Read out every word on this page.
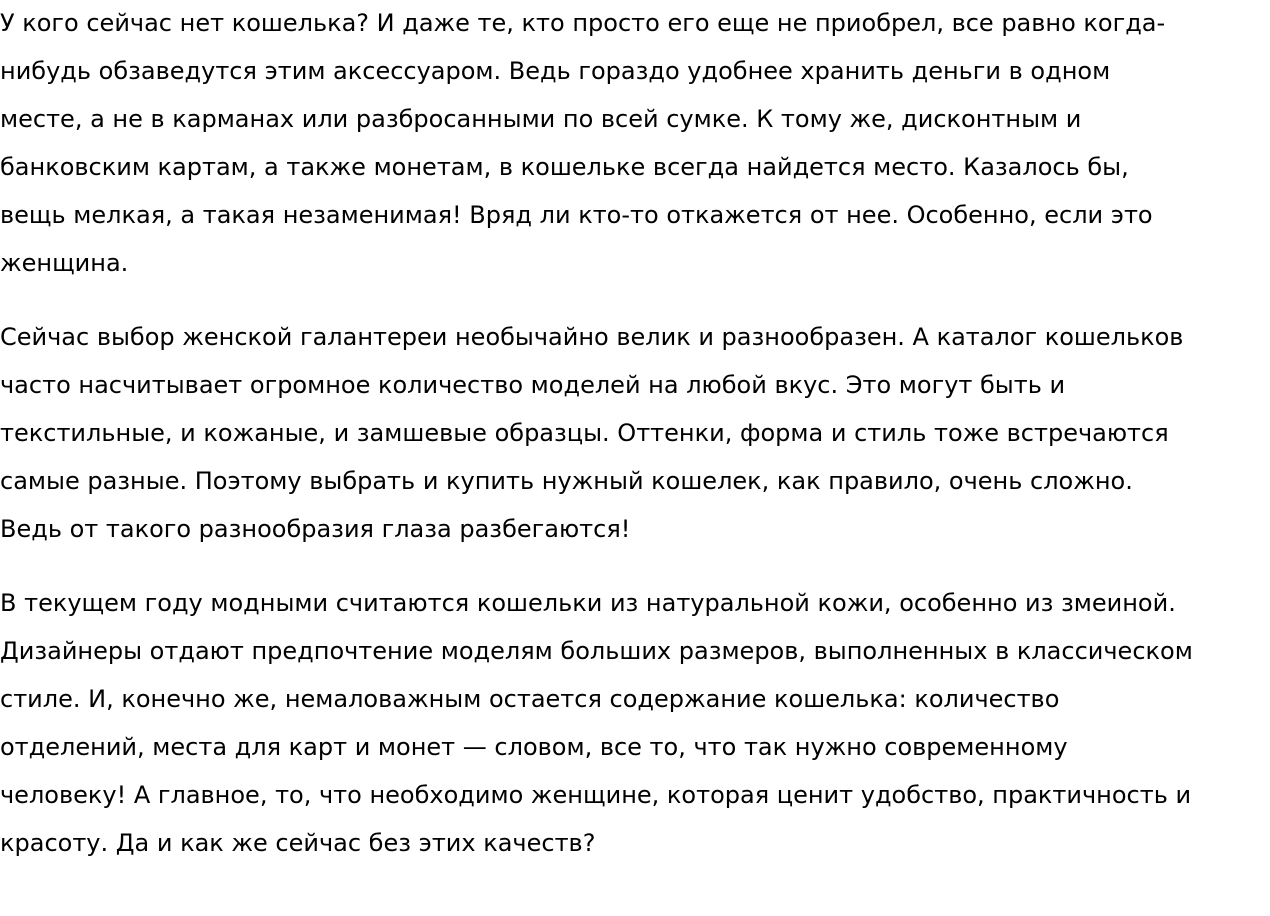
У кого сейчас нет кошелька? И даже те, кто просто его еще не приобрел, все равно когда-нибудь обзаведутся этим аксессуаром. Ведь гораздо удобнее хранить деньги в одном месте, а не в карманах или разбросанными по всей сумке. К тому же, дисконтным и банковским картам, а также монетам, в кошельке всегда найдется место. Казалось бы, вещь мелкая, а такая незаменимая! Вряд ли кто-то откажется от нее. Особенно, если это женщина.

Сейчас выбор женской галантереи необычайно велик и разнообразен. А каталог кошельков часто насчитывает огромное количество моделей на любой вкус. Это могут быть и текстильные, и кожаные, и замшевые образцы. Оттенки, форма и стиль тоже встречаются самые разные. Поэтому выбрать и купить нужный кошелек, как правило, очень сложно. Ведь от такого разнообразия глаза разбегаются!

В текущем году модными считаются кошельки из натуральной кожи, особенно из змеиной. Дизайнеры отдают предпочтение моделям больших размеров, выполненных в классическом стиле. И, конечно же, немаловажным остается содержание кошелька: количество отделений, места для карт и монет — словом, все то, что так нужно современному человеку! А главное, то, что необходимо женщине, которая ценит удобство, практичность и красоту. Да и как же сейчас без этих качеств?
